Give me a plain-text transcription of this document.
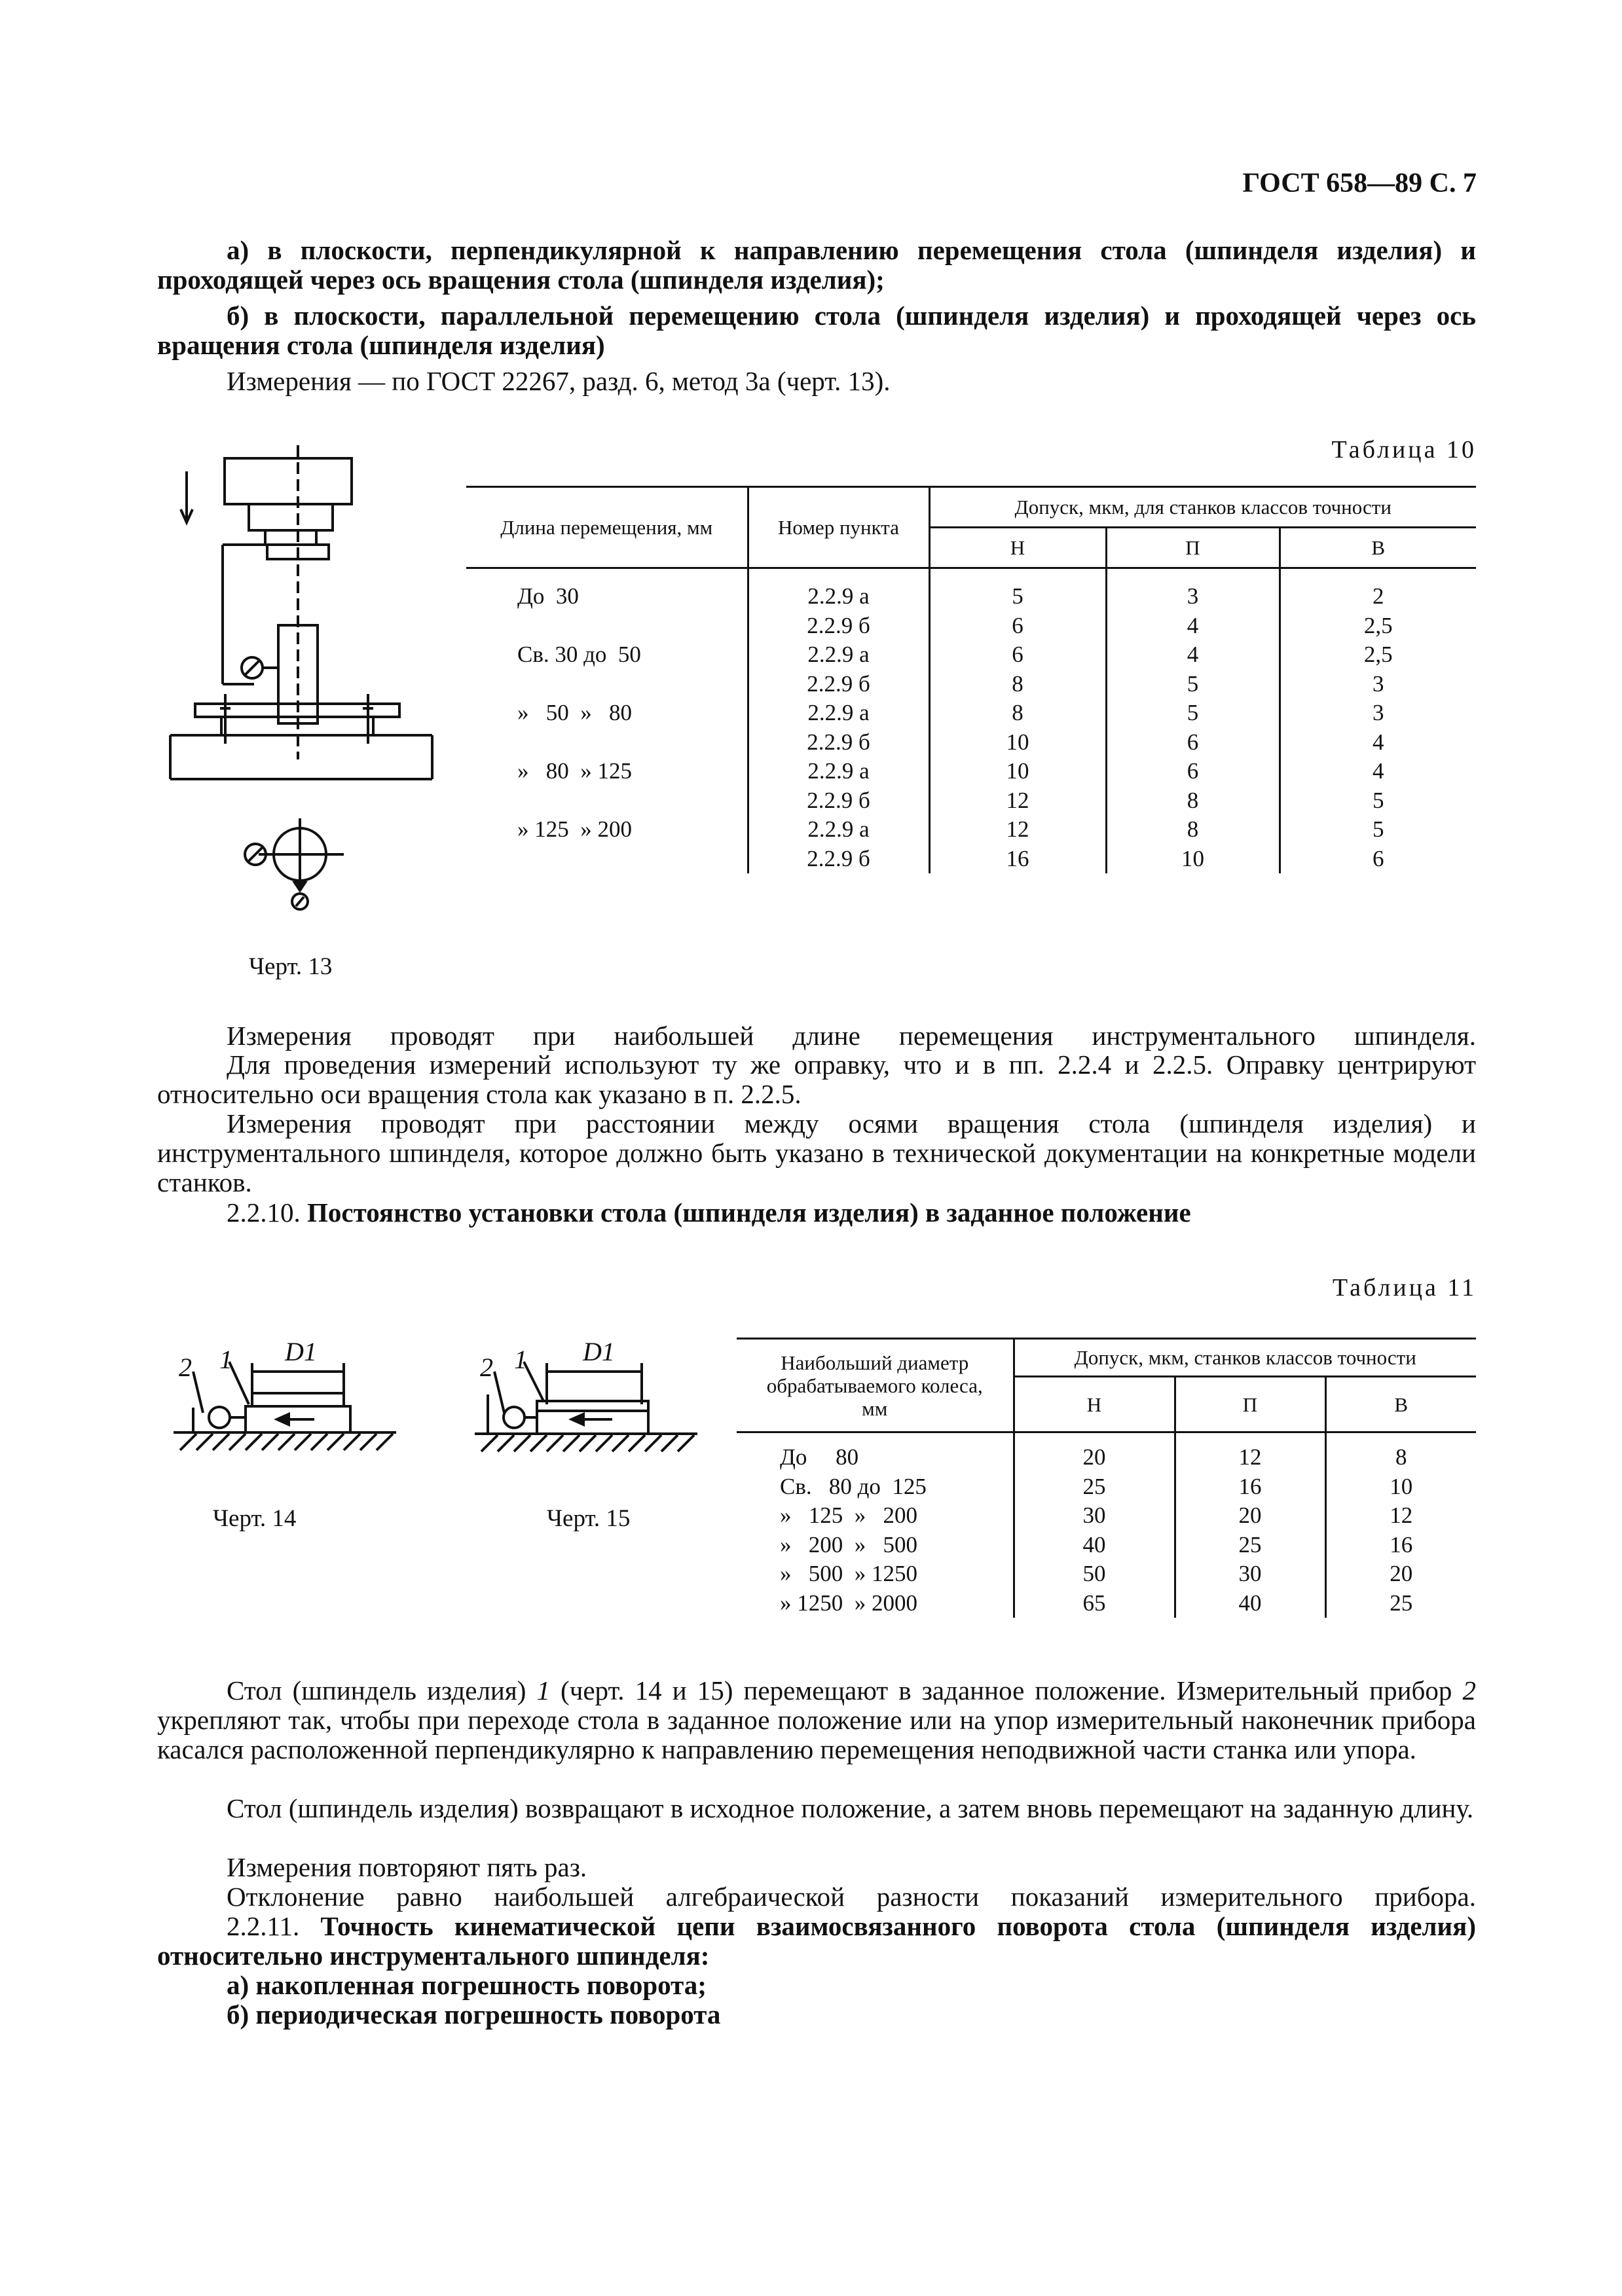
ГОСТ 658—89 С. 7
а) в плоскости, перпендикулярной к направлению перемещения стола (шпинделя изделия) и проходящей через ось вращения стола (шпинделя изделия);
б) в плоскости, параллельной перемещению стола (шпинделя изделия) и проходящей через ось вращения стола (шпинделя изделия)
Измерения — по ГОСТ 22267, разд. 6, метод 3а (черт. 13).
Черт. 13
Таблица 10
Длина перемещения, мм	Номер пункта	Допуск, мкм, для станков классов точности		
		Н	П	В
До  30	2.2.9 а	5	3	2
	2.2.9 б	6	4	2,5
Св. 30 до  50	2.2.9 а	6	4	2,5
	2.2.9 б	8	5	3
»   50  »   80	2.2.9 а	8	5	3
	2.2.9 б	10	6	4
»   80  » 125	2.2.9 а	10	6	4
	2.2.9 б	12	8	5
» 125  » 200	2.2.9 а	12	8	5
	2.2.9 б	16	10	6
Измерения проводят при наибольшей длине перемещения инструментального шпинделя.
Для проведения измерений используют ту же оправку, что и в пп. 2.2.4 и 2.2.5. Оправку центрируют относительно оси вращения стола как указано в п. 2.2.5.
Измерения проводят при расстоянии между осями вращения стола (шпинделя изделия) и инструментального шпинделя, которое должно быть указано в технической документации на конкретные модели станков.
2.2.10. Постоянство установки стола (шпинделя изделия) в заданное положение
2 1 D1
Черт. 14
2 1 D1
Черт. 15
Таблица 11
Наибольший диаметр обрабатываемого колеса, мм	Допуск, мкм, станков классов точности		
	Н	П	В
До     80	20	12	8
Св.   80 до  125	25	16	10
»   125  »   200	30	20	12
»   200  »   500	40	25	16
»   500  » 1250	50	30	20
» 1250  » 2000	65	40	25
Стол (шпиндель изделия) 1 (черт. 14 и 15) перемещают в заданное положение. Измерительный прибор 2 укрепляют так, чтобы при переходе стола в заданное положение или на упор измерительный наконечник прибора касался расположенной перпендикулярно к направлению перемещения неподвижной части станка или упора.
Стол (шпиндель изделия) возвращают в исходное положение, а затем вновь перемещают на заданную длину.
Измерения повторяют пять раз.
Отклонение равно наибольшей алгебраической разности показаний измерительного прибора.
2.2.11. Точность кинематической цепи взаимосвязанного поворота стола (шпинделя изделия) относительно инструментального шпинделя:
а) накопленная погрешность поворота;
б) периодическая погрешность поворота
